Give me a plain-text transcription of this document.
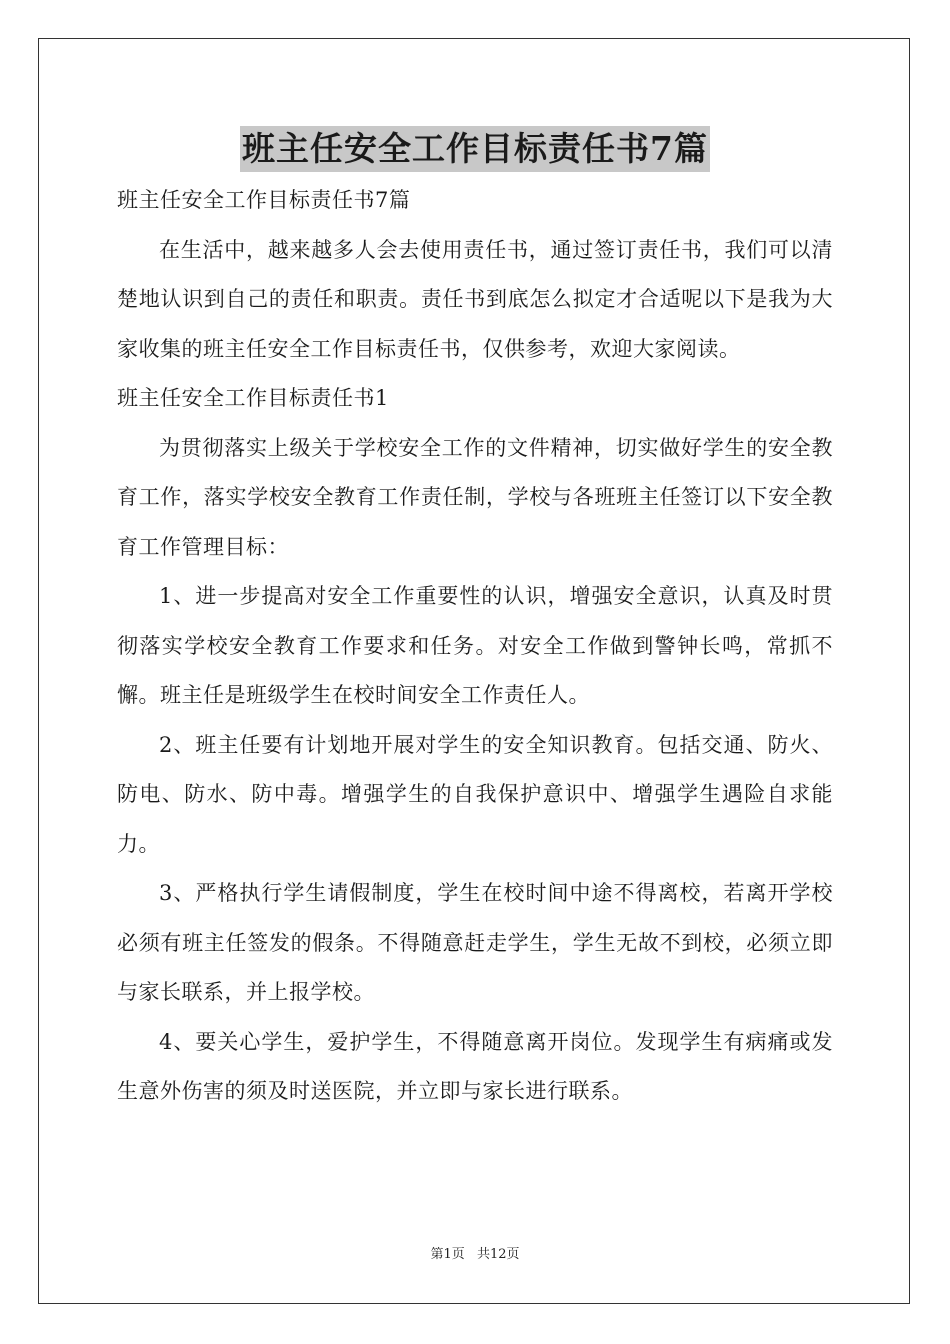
班主任安全工作目标责任书7篇

班主任安全工作目标责任书7篇

在生活中，越来越多人会去使用责任书，通过签订责任书，我们可以清楚地认识到自己的责任和职责。责任书到底怎么拟定才合适呢以下是我为大家收集的班主任安全工作目标责任书，仅供参考，欢迎大家阅读。

班主任安全工作目标责任书1

为贯彻落实上级关于学校安全工作的文件精神，切实做好学生的安全教育工作，落实学校安全教育工作责任制，学校与各班班主任签订以下安全教育工作管理目标：

1、进一步提高对安全工作重要性的认识，增强安全意识，认真及时贯彻落实学校安全教育工作要求和任务。对安全工作做到警钟长鸣，常抓不懈。班主任是班级学生在校时间安全工作责任人。

2、班主任要有计划地开展对学生的安全知识教育。包括交通、防火、防电、防水、防中毒。增强学生的自我保护意识中、增强学生遇险自求能力。

3、严格执行学生请假制度，学生在校时间中途不得离校，若离开学校必须有班主任签发的假条。不得随意赶走学生，学生无故不到校，必须立即与家长联系，并上报学校。

4、要关心学生，爱护学生，不得随意离开岗位。发现学生有病痛或发生意外伤害的须及时送医院，并立即与家长进行联系。

第1页 共12页
